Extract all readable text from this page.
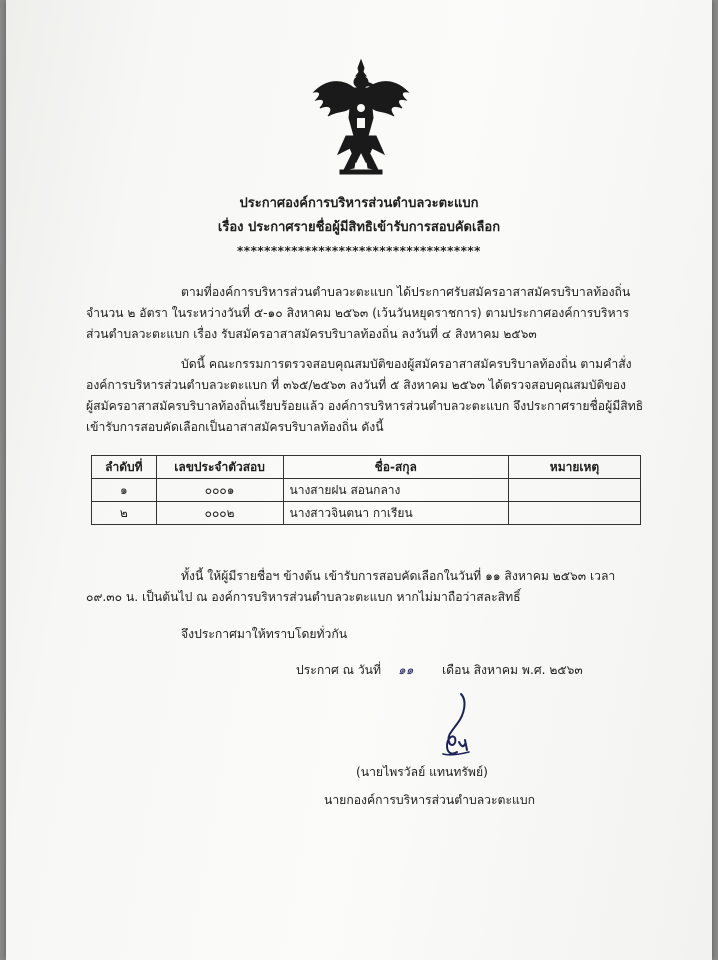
ประกาศองค์การบริหารส่วนตำบลวะตะแบก
เรื่อง ประกาศรายชื่อผู้มีสิทธิเข้ารับการสอบคัดเลือก
************************************
ตามที่องค์การบริหารส่วนตำบลวะตะแบก ได้ประกาศรับสมัครอาสาสมัครบริบาลท้องถิ่น
จำนวน ๒ อัตรา ในระหว่างวันที่ ๕-๑๐ สิงหาคม ๒๕๖๓ (เว้นวันหยุดราชการ) ตามประกาศองค์การบริหาร
ส่วนตำบลวะตะแบก เรื่อง รับสมัครอาสาสมัครบริบาลท้องถิ่น ลงวันที่ ๔ สิงหาคม ๒๕๖๓
บัดนี้ คณะกรรมการตรวจสอบคุณสมบัติของผู้สมัครอาสาสมัครบริบาลท้องถิ่น ตามคำสั่ง
องค์การบริหารส่วนตำบลวะตะแบก ที่ ๓๖๕/๒๕๖๓ ลงวันที่ ๕ สิงหาคม ๒๕๖๓ ได้ตรวจสอบคุณสมบัติของ
ผู้สมัครอาสาสมัครบริบาลท้องถิ่นเรียบร้อยแล้ว องค์การบริหารส่วนตำบลวะตะแบก จึงประกาศรายชื่อผู้มีสิทธิ
เข้ารับการสอบคัดเลือกเป็นอาสาสมัครบริบาลท้องถิ่น ดังนี้
ลำดับที่	เลขประจำตัวสอบ	ชื่อ-สกุล	หมายเหตุ
๑	๐๐๐๑	นางสายฝน สอนกลาง	
๒	๐๐๐๒	นางสาวจินตนา กาเรียน	
ทั้งนี้ ให้ผู้มีรายชื่อฯ ข้างต้น เข้ารับการสอบคัดเลือกในวันที่ ๑๑ สิงหาคม ๒๕๖๓ เวลา
๐๙.๓๐ น. เป็นต้นไป ณ องค์การบริหารส่วนตำบลวะตะแบก หากไม่มาถือว่าสละสิทธิ์
จึงประกาศมาให้ทราบโดยทั่วกัน
ประกาศ ณ วันที่ ๑๑ เดือน สิงหาคม พ.ศ. ๒๕๖๓
(นายไพรวัลย์ แทนทรัพย์)
นายกองค์การบริหารส่วนตำบลวะตะแบก
